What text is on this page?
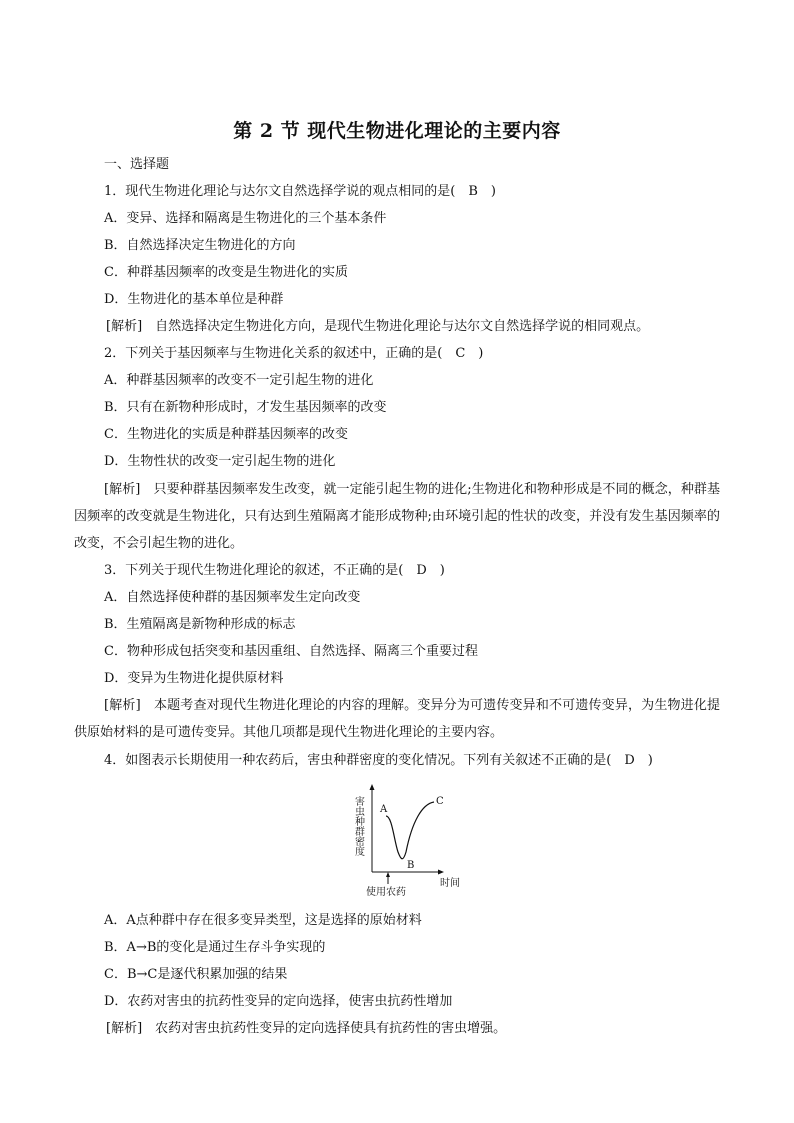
第 2 节 现代生物进化理论的主要内容
一、选择题
1．现代生物进化理论与达尔文自然选择学说的观点相同的是(　B　)
A．变异、选择和隔离是生物进化的三个基本条件
B．自然选择决定生物进化的方向
C．种群基因频率的改变是生物进化的实质
D．生物进化的基本单位是种群
[解析]　自然选择决定生物进化方向，是现代生物进化理论与达尔文自然选择学说的相同观点。
2．下列关于基因频率与生物进化关系的叙述中，正确的是(　C　)
A．种群基因频率的改变不一定引起生物的进化
B．只有在新物种形成时，才发生基因频率的改变
C．生物进化的实质是种群基因频率的改变
D．生物性状的改变一定引起生物的进化
[解析]　只要种群基因频率发生改变，就一定能引起生物的进化;生物进化和物种形成是不同的概念，种群基因频率的改变就是生物进化，只有达到生殖隔离才能形成物种;由环境引起的性状的改变，并没有发生基因频率的改变，不会引起生物的进化。
3．下列关于现代生物进化理论的叙述，不正确的是(　D　)
A．自然选择使种群的基因频率发生定向改变
B．生殖隔离是新物种形成的标志
C．物种形成包括突变和基因重组、自然选择、隔离三个重要过程
D．变异为生物进化提供原材料
[解析]　本题考查对现代生物进化理论的内容的理解。变异分为可遗传变异和不可遗传变异，为生物进化提供原始材料的是可遗传变异。其他几项都是现代生物进化理论的主要内容。
4．如图表示长期使用一种农药后，害虫种群密度的变化情况。下列有关叙述不正确的是(　D　)
害虫种群密度
时间
使用农药
A
B
C
A．A点种群中存在很多变异类型，这是选择的原始材料
B．A→B的变化是通过生存斗争实现的
C．B→C是逐代积累加强的结果
D．农药对害虫的抗药性变异的定向选择，使害虫抗药性增加
[解析]　农药对害虫抗药性变异的定向选择使具有抗药性的害虫增强。
